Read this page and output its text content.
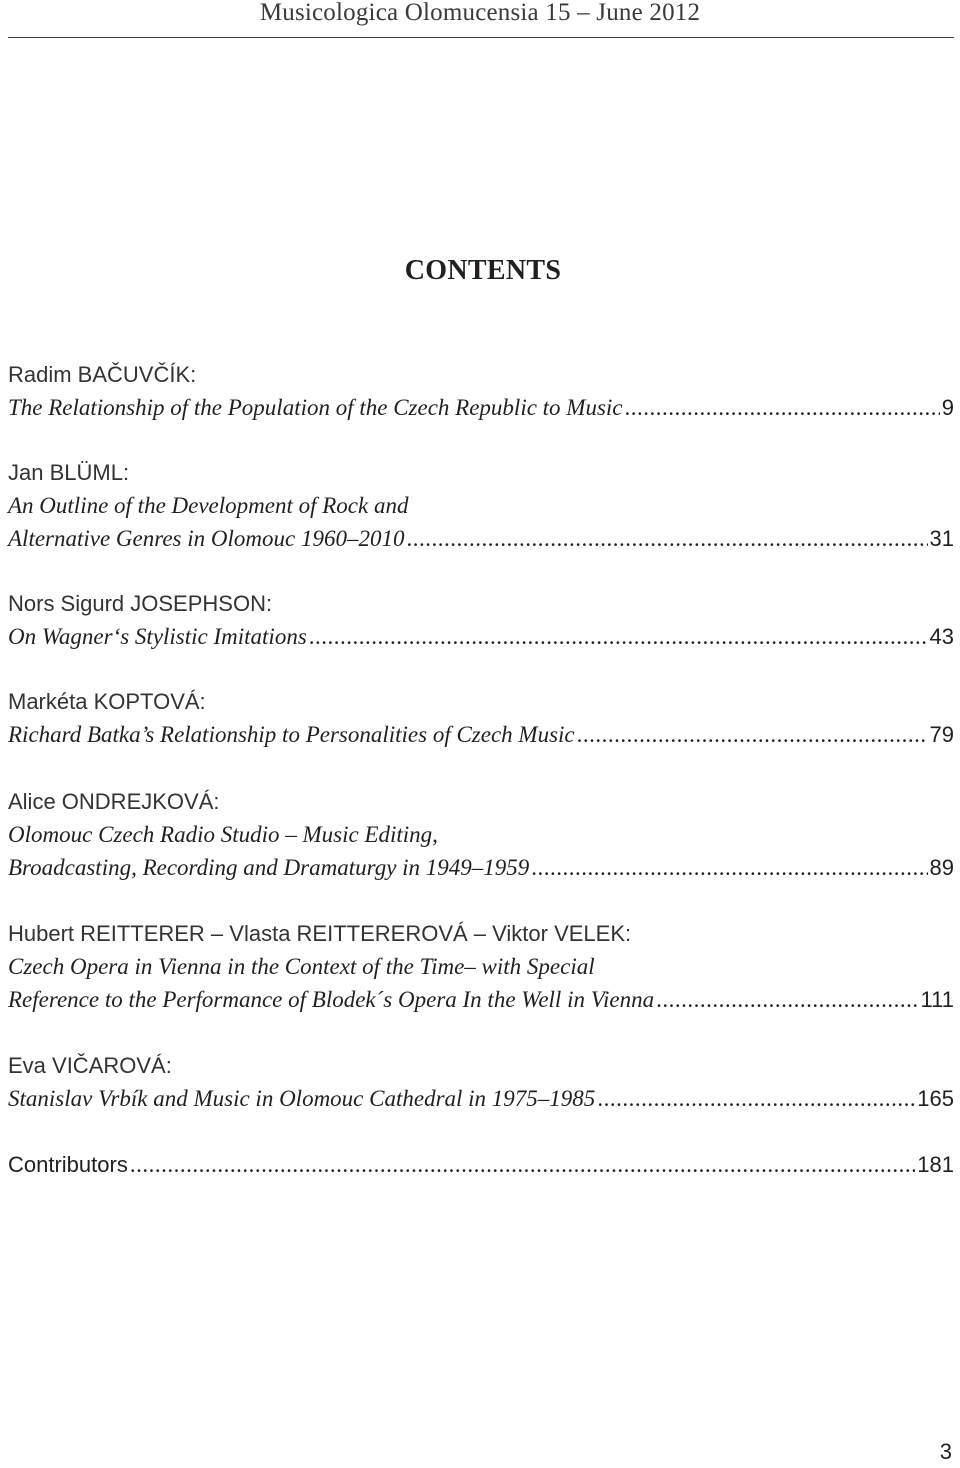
Musicologica Olomucensia 15 – June 2012
CONTENTS
Radim BAČUVČÍK:
The Relationship of the Population of the Czech Republic to Music .....	9
Jan BLÜML:
An Outline of the Development of Rock and
Alternative Genres in Olomouc 1960–2010 .....	31
Nors Sigurd JOSEPHSON:
On Wagner‘s Stylistic Imitations .....	43
Markéta KOPTOVÁ:
Richard Batka’s Relationship to Personalities of Czech Music .....	79
Alice ONDREJKOVÁ:
Olomouc Czech Radio Studio – Music Editing,
Broadcasting, Recording and Dramaturgy in 1949–1959 .....	89
Hubert REITTERER – Vlasta REITTEREROVÁ – Viktor VELEK:
Czech Opera in Vienna in the Context of the Time– with Special
Reference to the Performance of Blodek´s Opera In the Well in Vienna .....	111
Eva VIČAROVÁ:
Stanislav Vrbík and Music in Olomouc Cathedral in 1975–1985 .....	165
Contributors .....	181
3
